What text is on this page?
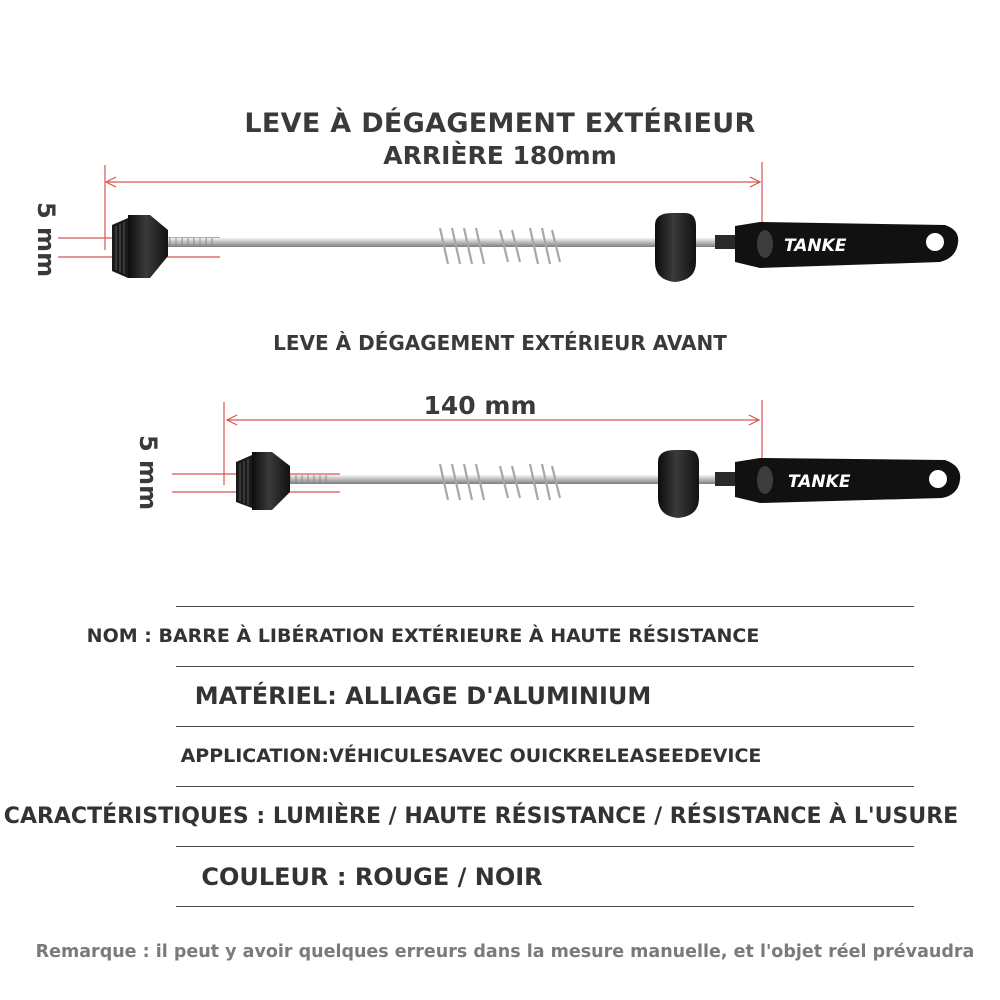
LEVE À DÉGAGEMENT EXTÉRIEUR
ARRIÈRE 180mm
LEVE À DÉGAGEMENT EXTÉRIEUR AVANT
140 mm
5 mm
5 mm
TANKE
TANKE
NOM : BARRE À LIBÉRATION EXTÉRIEURE À HAUTE RÉSISTANCE
MATÉRIEL: ALLIAGE D'ALUMINIUM
APPLICATION:VÉHICULESAVEC OUICKRELEASEEDEVICE
CARACTÉRISTIQUES : LUMIÈRE / HAUTE RÉSISTANCE / RÉSISTANCE À L'USURE
COULEUR : ROUGE / NOIR
Remarque : il peut y avoir quelques erreurs dans la mesure manuelle, et l'objet réel prévaudra
